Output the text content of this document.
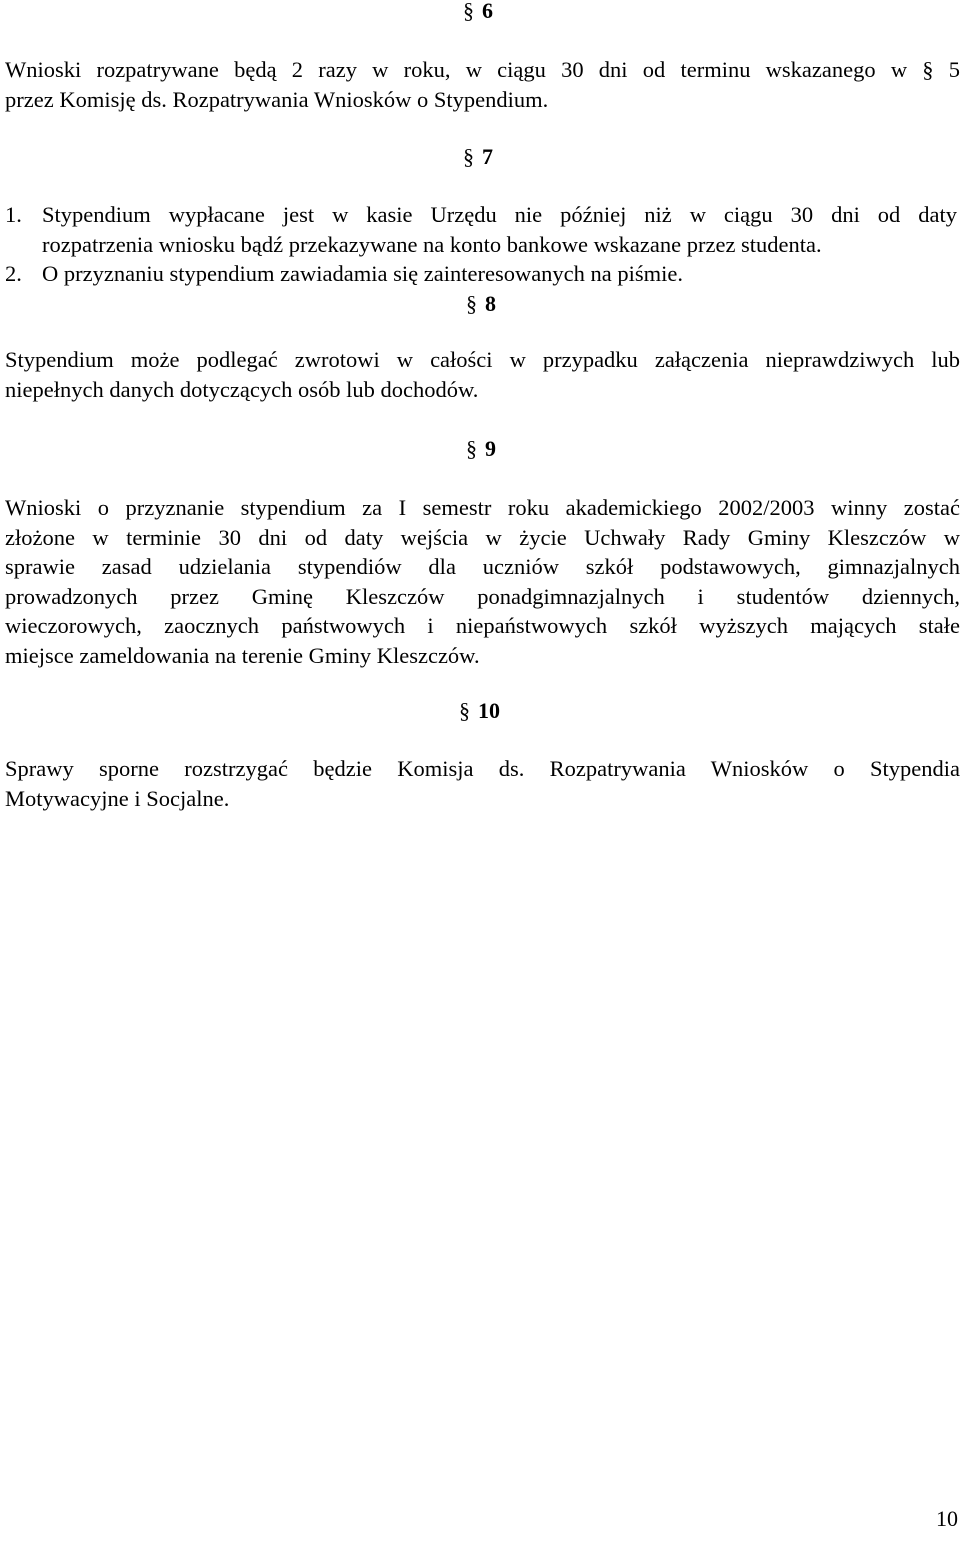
§ 6
Wnioski rozpatrywane będą 2 razy w roku, w ciągu 30 dni od terminu wskazanego w § 5
przez Komisję ds. Rozpatrywania Wniosków o Stypendium.
§ 7
1. Stypendium wypłacane jest w kasie Urzędu nie później niż w ciągu 30 dni od daty
rozpatrzenia wniosku bądź przekazywane na konto bankowe wskazane przez studenta.
2. O przyznaniu stypendium zawiadamia się zainteresowanych na piśmie.
§ 8
Stypendium może podlegać zwrotowi w całości w przypadku załączenia nieprawdziwych lub
niepełnych danych dotyczących osób lub dochodów.
§ 9
Wnioski o przyznanie stypendium za I semestr roku akademickiego 2002/2003 winny zostać
złożone w terminie 30 dni od daty wejścia w życie Uchwały Rady Gminy Kleszczów w
sprawie zasad udzielania stypendiów dla uczniów szkół podstawowych, gimnazjalnych
prowadzonych przez Gminę Kleszczów ponadgimnazjalnych i studentów dziennych,
wieczorowych, zaocznych państwowych i niepaństwowych szkół wyższych mających stałe
miejsce zameldowania na terenie Gminy Kleszczów.
§ 10
Sprawy sporne rozstrzygać będzie Komisja ds. Rozpatrywania Wniosków o Stypendia
Motywacyjne i Socjalne.
10
